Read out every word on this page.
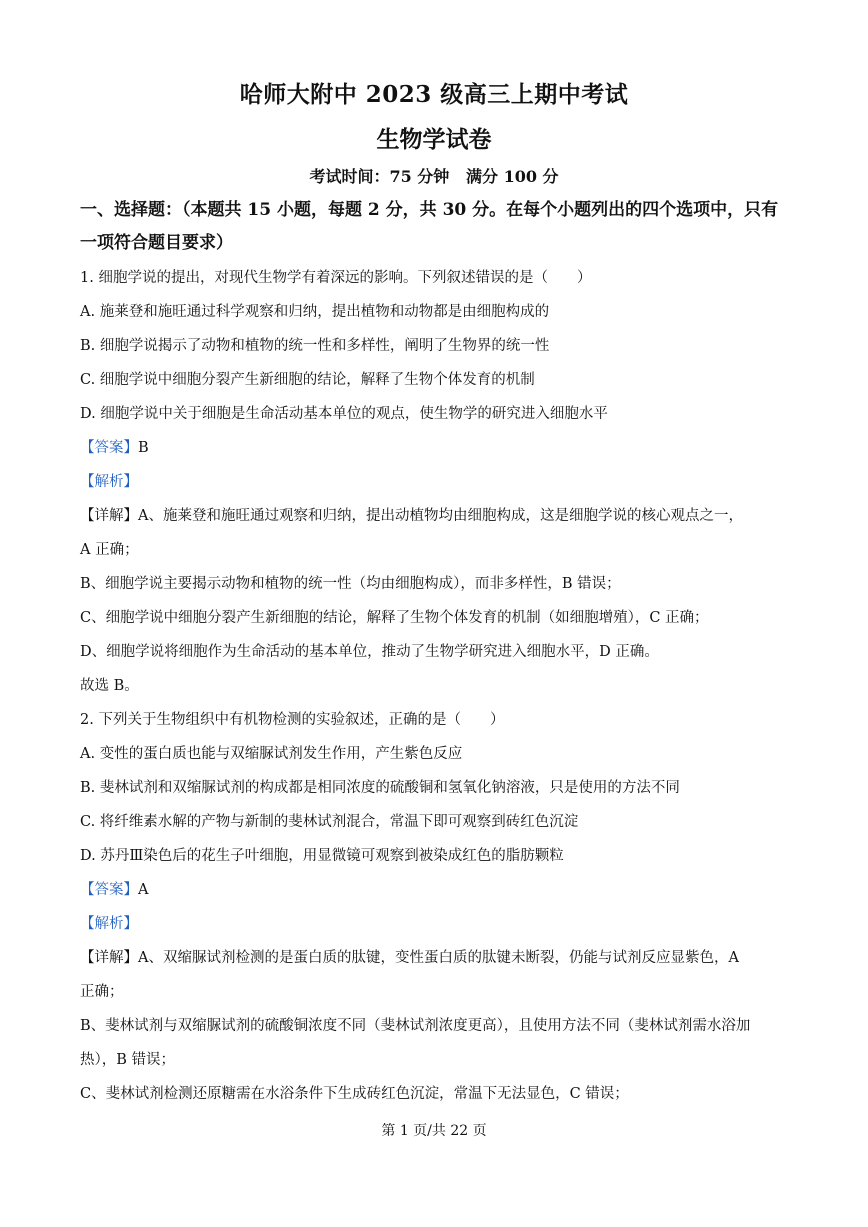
哈师大附中 2023 级高三上期中考试
生物学试卷
考试时间：75 分钟   满分 100 分
一、选择题：（本题共 15 小题，每题 2 分，共 30 分。在每个小题列出的四个选项中，只有一项符合题目要求）
1. 细胞学说的提出，对现代生物学有着深远的影响。下列叙述错误的是（　　）
A. 施莱登和施旺通过科学观察和归纳，提出植物和动物都是由细胞构成的
B. 细胞学说揭示了动物和植物的统一性和多样性，阐明了生物界的统一性
C. 细胞学说中细胞分裂产生新细胞的结论，解释了生物个体发育的机制
D. 细胞学说中关于细胞是生命活动基本单位的观点，使生物学的研究进入细胞水平
【答案】B
【解析】
【详解】A、施莱登和施旺通过观察和归纳，提出动植物均由细胞构成，这是细胞学说的核心观点之一，
A 正确；
B、细胞学说主要揭示动物和植物的统一性（均由细胞构成），而非多样性，B 错误；
C、细胞学说中细胞分裂产生新细胞的结论，解释了生物个体发育的机制（如细胞增殖），C 正确；
D、细胞学说将细胞作为生命活动的基本单位，推动了生物学研究进入细胞水平，D 正确。
故选 B。
2. 下列关于生物组织中有机物检测的实验叙述，正确的是（　　）
A. 变性的蛋白质也能与双缩脲试剂发生作用，产生紫色反应
B. 斐林试剂和双缩脲试剂的构成都是相同浓度的硫酸铜和氢氧化钠溶液，只是使用的方法不同
C. 将纤维素水解的产物与新制的斐林试剂混合，常温下即可观察到砖红色沉淀
D. 苏丹Ⅲ染色后的花生子叶细胞，用显微镜可观察到被染成红色的脂肪颗粒
【答案】A
【解析】
【详解】A、双缩脲试剂检测的是蛋白质的肽键，变性蛋白质的肽键未断裂，仍能与试剂反应显紫色，A
正确；
B、斐林试剂与双缩脲试剂的硫酸铜浓度不同（斐林试剂浓度更高），且使用方法不同（斐林试剂需水浴加
热），B 错误；
C、斐林试剂检测还原糖需在水浴条件下生成砖红色沉淀，常温下无法显色，C 错误；
第 1 页/共 22 页
